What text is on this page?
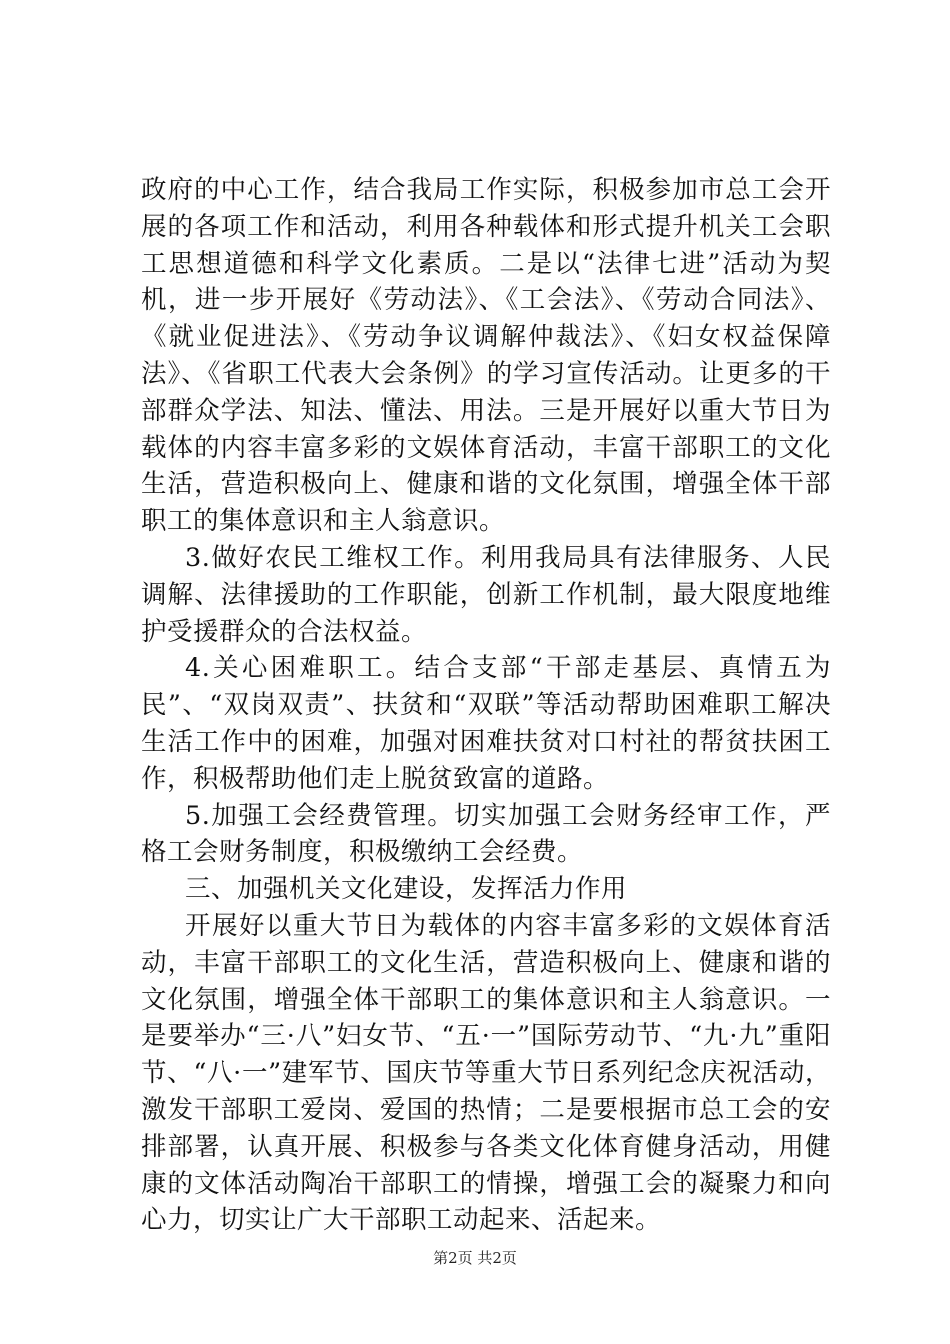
政府的中心工作，结合我局工作实际，积极参加市总工会开展的各项工作和活动，利用各种载体和形式提升机关工会职工思想道德和科学文化素质。二是以“法律七进”活动为契机，进一步开展好《劳动法》、《工会法》、《劳动合同法》、《就业促进法》、《劳动争议调解仲裁法》、《妇女权益保障法》、《省职工代表大会条例》的学习宣传活动。让更多的干部群众学法、知法、懂法、用法。三是开展好以重大节日为载体的内容丰富多彩的文娱体育活动，丰富干部职工的文化生活，营造积极向上、健康和谐的文化氛围，增强全体干部职工的集体意识和主人翁意识。

3.做好农民工维权工作。利用我局具有法律服务、人民调解、法律援助的工作职能，创新工作机制，最大限度地维护受援群众的合法权益。

4.关心困难职工。结合支部“干部走基层、真情五为民”、“双岗双责”、扶贫和“双联”等活动帮助困难职工解决生活工作中的困难，加强对困难扶贫对口村社的帮贫扶困工作，积极帮助他们走上脱贫致富的道路。

5.加强工会经费管理。切实加强工会财务经审工作，严格工会财务制度，积极缴纳工会经费。

三、加强机关文化建设，发挥活力作用

开展好以重大节日为载体的内容丰富多彩的文娱体育活动，丰富干部职工的文化生活，营造积极向上、健康和谐的文化氛围，增强全体干部职工的集体意识和主人翁意识。一是要举办“三·八”妇女节、“五·一”国际劳动节、“九·九”重阳节、“八·一”建军节、国庆节等重大节日系列纪念庆祝活动，激发干部职工爱岗、爱国的热情；二是要根据市总工会的安排部署，认真开展、积极参与各类文化体育健身活动，用健康的文体活动陶冶干部职工的情操，增强工会的凝聚力和向心力，切实让广大干部职工动起来、活起来。

第2页 共2页
